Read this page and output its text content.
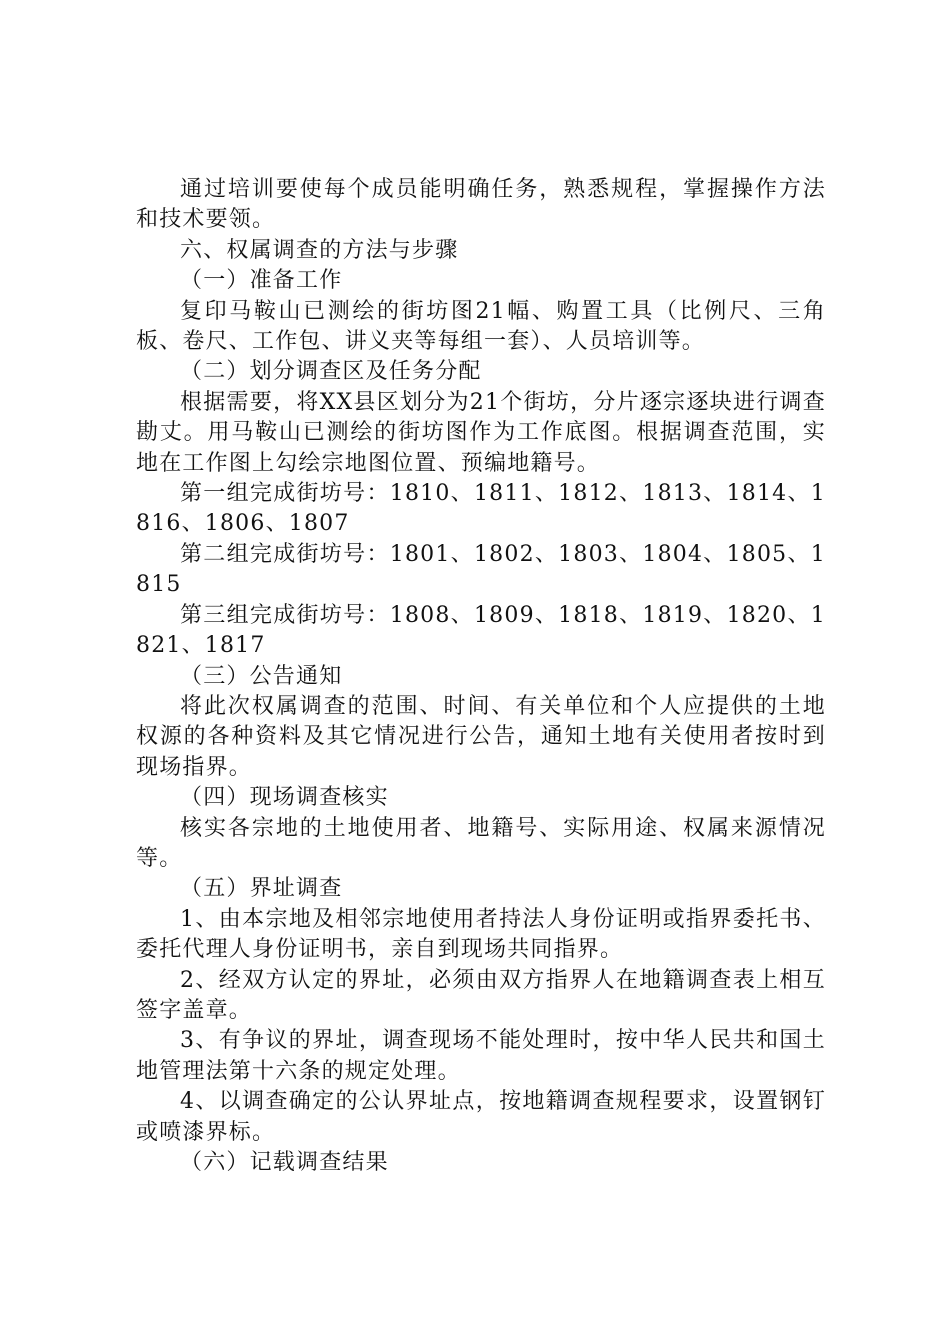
通过培训要使每个成员能明确任务，熟悉规程，掌握操作方法和技术要领。

六、权属调查的方法与步骤

（一）准备工作

复印马鞍山已测绘的街坊图21幅、购置工具（比例尺、三角板、卷尺、工作包、讲义夹等每组一套）、人员培训等。

（二）划分调查区及任务分配

根据需要，将XX县区划分为21个街坊，分片逐宗逐块进行调查勘丈。用马鞍山已测绘的街坊图作为工作底图。根据调查范围，实地在工作图上勾绘宗地图位置、预编地籍号。

第一组完成街坊号：1810、1811、1812、1813、1814、1816、1806、1807

第二组完成街坊号：1801、1802、1803、1804、1805、1815

第三组完成街坊号：1808、1809、1818、1819、1820、1821、1817

（三）公告通知

将此次权属调查的范围、时间、有关单位和个人应提供的土地权源的各种资料及其它情况进行公告，通知土地有关使用者按时到现场指界。

（四）现场调查核实

核实各宗地的土地使用者、地籍号、实际用途、权属来源情况等。

（五）界址调查

1、由本宗地及相邻宗地使用者持法人身份证明或指界委托书、委托代理人身份证明书，亲自到现场共同指界。

2、经双方认定的界址，必须由双方指界人在地籍调查表上相互签字盖章。

3、有争议的界址，调查现场不能处理时，按中华人民共和国土地管理法第十六条的规定处理。

4、以调查确定的公认界址点，按地籍调查规程要求，设置钢钉或喷漆界标。

（六）记载调查结果
